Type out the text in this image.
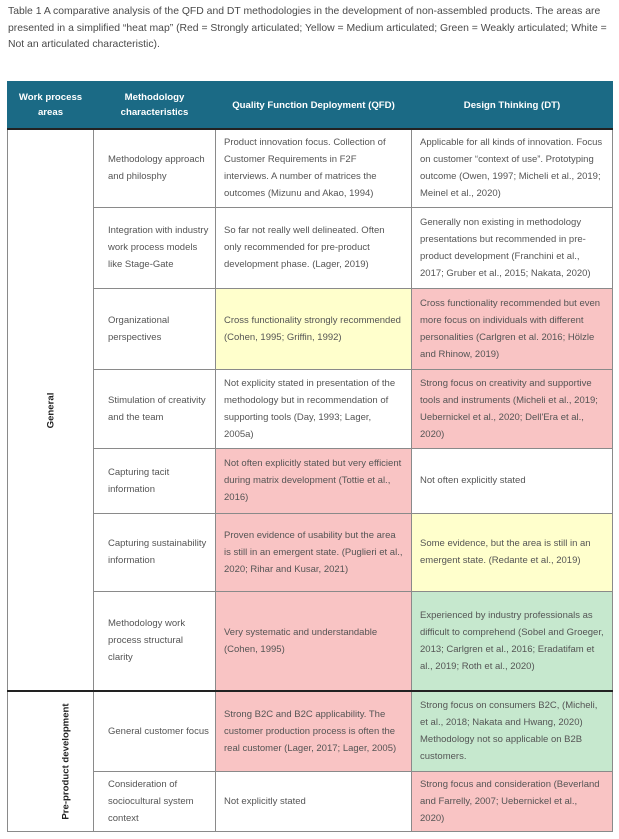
Table 1 A comparative analysis of the QFD and DT methodologies in the development of non-assembled products. The areas are presented in a simplified “heat map” (Red = Strongly articulated; Yellow = Medium articulated; Green = Weakly articulated; White = Not an articulated characteristic).
Work process areas	Methodology characteristics	Quality Function Deployment (QFD)	Design Thinking (DT)
General	Methodology approach and philosphy	Product innovation focus. Collection of Customer Requirements in F2F interviews. A number of matrices the outcomes (Mizunu and Akao, 1994)	Applicable for all kinds of innovation. Focus on customer “context of use”. Prototyping outcome (Owen, 1997; Micheli et al., 2019; Meinel et al., 2020)
	Integration with industry work process models like Stage-Gate	So far not really well delineated. Often only recommended for pre-product development phase. (Lager, 2019)	Generally non existing in methodology presentations but recommended in pre-product development (Franchini et al., 2017; Gruber et al., 2015; Nakata, 2020)
	Organizational perspectives	Cross functionality strongly recommended (Cohen, 1995; Griffin, 1992)	Cross functionality recommended but even more focus on individuals with different personalities (Carlgren et al. 2016; Hölzle and Rhinow, 2019)
	Stimulation of creativity and the team	Not explicity stated in presentation of the methodology but in recommendation of supporting tools (Day, 1993; Lager, 2005a)	Strong focus on creativity and supportive tools and instruments (Micheli et al., 2019; Uebernickel et al., 2020; Dell'Era et al., 2020)
	Capturing tacit information	Not often explicitly stated but very efficient during matrix development (Tottie et al., 2016)	Not often explicitly stated
	Capturing sustainability information	Proven evidence of usability but the area is still in an emergent state. (Puglieri et al., 2020; Rihar and Kusar, 2021)	Some evidence, but the area is still in an emergent state. (Redante et al., 2019)
	Methodology work process structural clarity	Very systematic and understandable (Cohen, 1995)	Experienced by industry professionals as difficult to comprehend (Sobel and Groeger, 2013; Carlgren et al., 2016; Eradatifam et al., 2019; Roth et al., 2020)
Pre-product development	General customer focus	Strong B2C and B2C applicability. The customer production process is often the real customer (Lager, 2017; Lager, 2005)	Strong focus on consumers B2C, (Micheli, et al., 2018; Nakata and Hwang, 2020) Methodology not so applicable on B2B customers.
	Consideration of sociocultural system context	Not explicitly stated	Strong focus and consideration (Beverland and Farrelly, 2007; Uebernickel et al., 2020)
